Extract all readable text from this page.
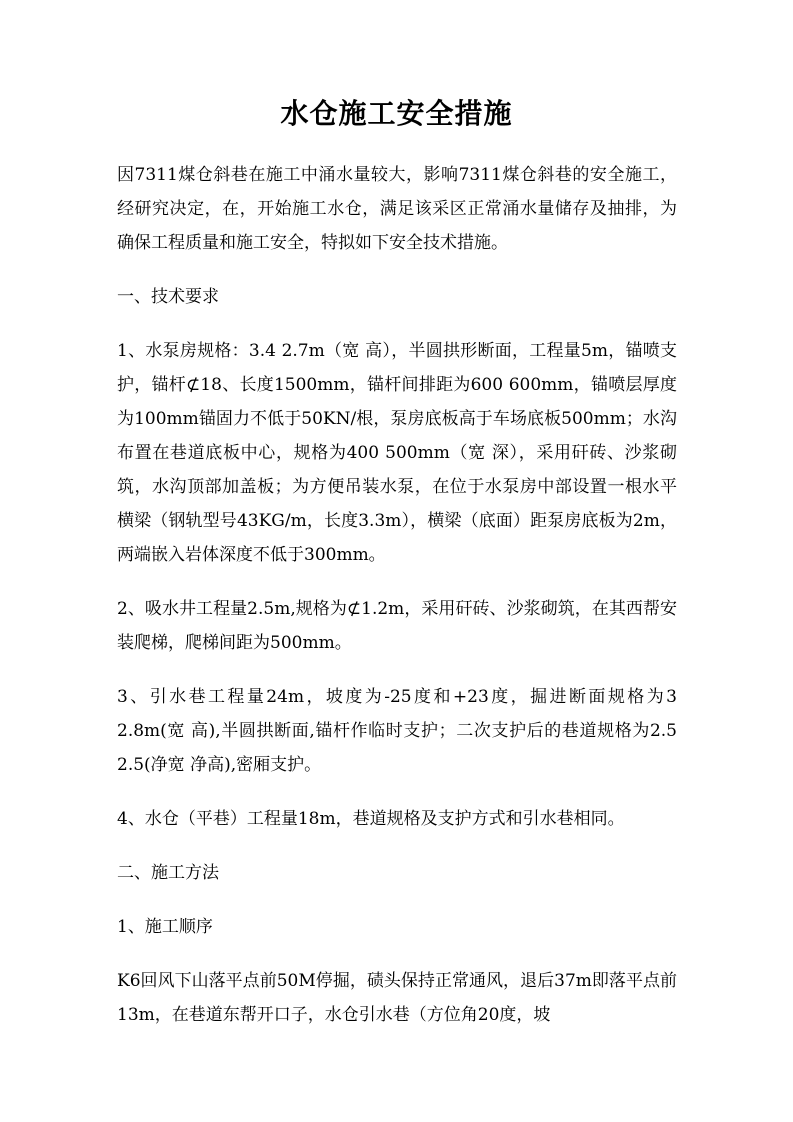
水仓施工安全措施

因7311煤仓斜巷在施工中涌水量较大，影响7311煤仓斜巷的安全施工，经研究决定，在，开始施工水仓，满足该采区正常涌水量储存及抽排，为确保工程质量和施工安全，特拟如下安全技术措施。

一、技术要求

1、水泵房规格：3.4 2.7m（宽 高），半圆拱形断面，工程量5m，锚喷支护，锚杆⊄18、长度1500mm，锚杆间排距为600 600mm，锚喷层厚度为100mm锚固力不低于50KN/根，泵房底板高于车场底板500mm；水沟布置在巷道底板中心，规格为400 500mm（宽 深），采用矸砖、沙浆砌筑，水沟顶部加盖板；为方便吊装水泵，在位于水泵房中部设置一根水平横梁（钢轨型号43KG/m，长度3.3m），横梁（底面）距泵房底板为2m，两端嵌入岩体深度不低于300mm。

2、吸水井工程量2.5m,规格为⊄1.2m，采用矸砖、沙浆砌筑，在其西帮安装爬梯，爬梯间距为500mm。

3、引水巷工程量24m，坡度为-25度和+23度，掘进断面规格为3 2.8m(宽 高),半圆拱断面,锚杆作临时支护；二次支护后的巷道规格为2.5 2.5(净宽 净高),密厢支护。

4、水仓（平巷）工程量18m，巷道规格及支护方式和引水巷相同。

二、施工方法

1、施工顺序

K6回风下山落平点前50M停掘，碛头保持正常通风，退后37m即落平点前13m，在巷道东帮开口子，水仓引水巷（方位角20度，坡
